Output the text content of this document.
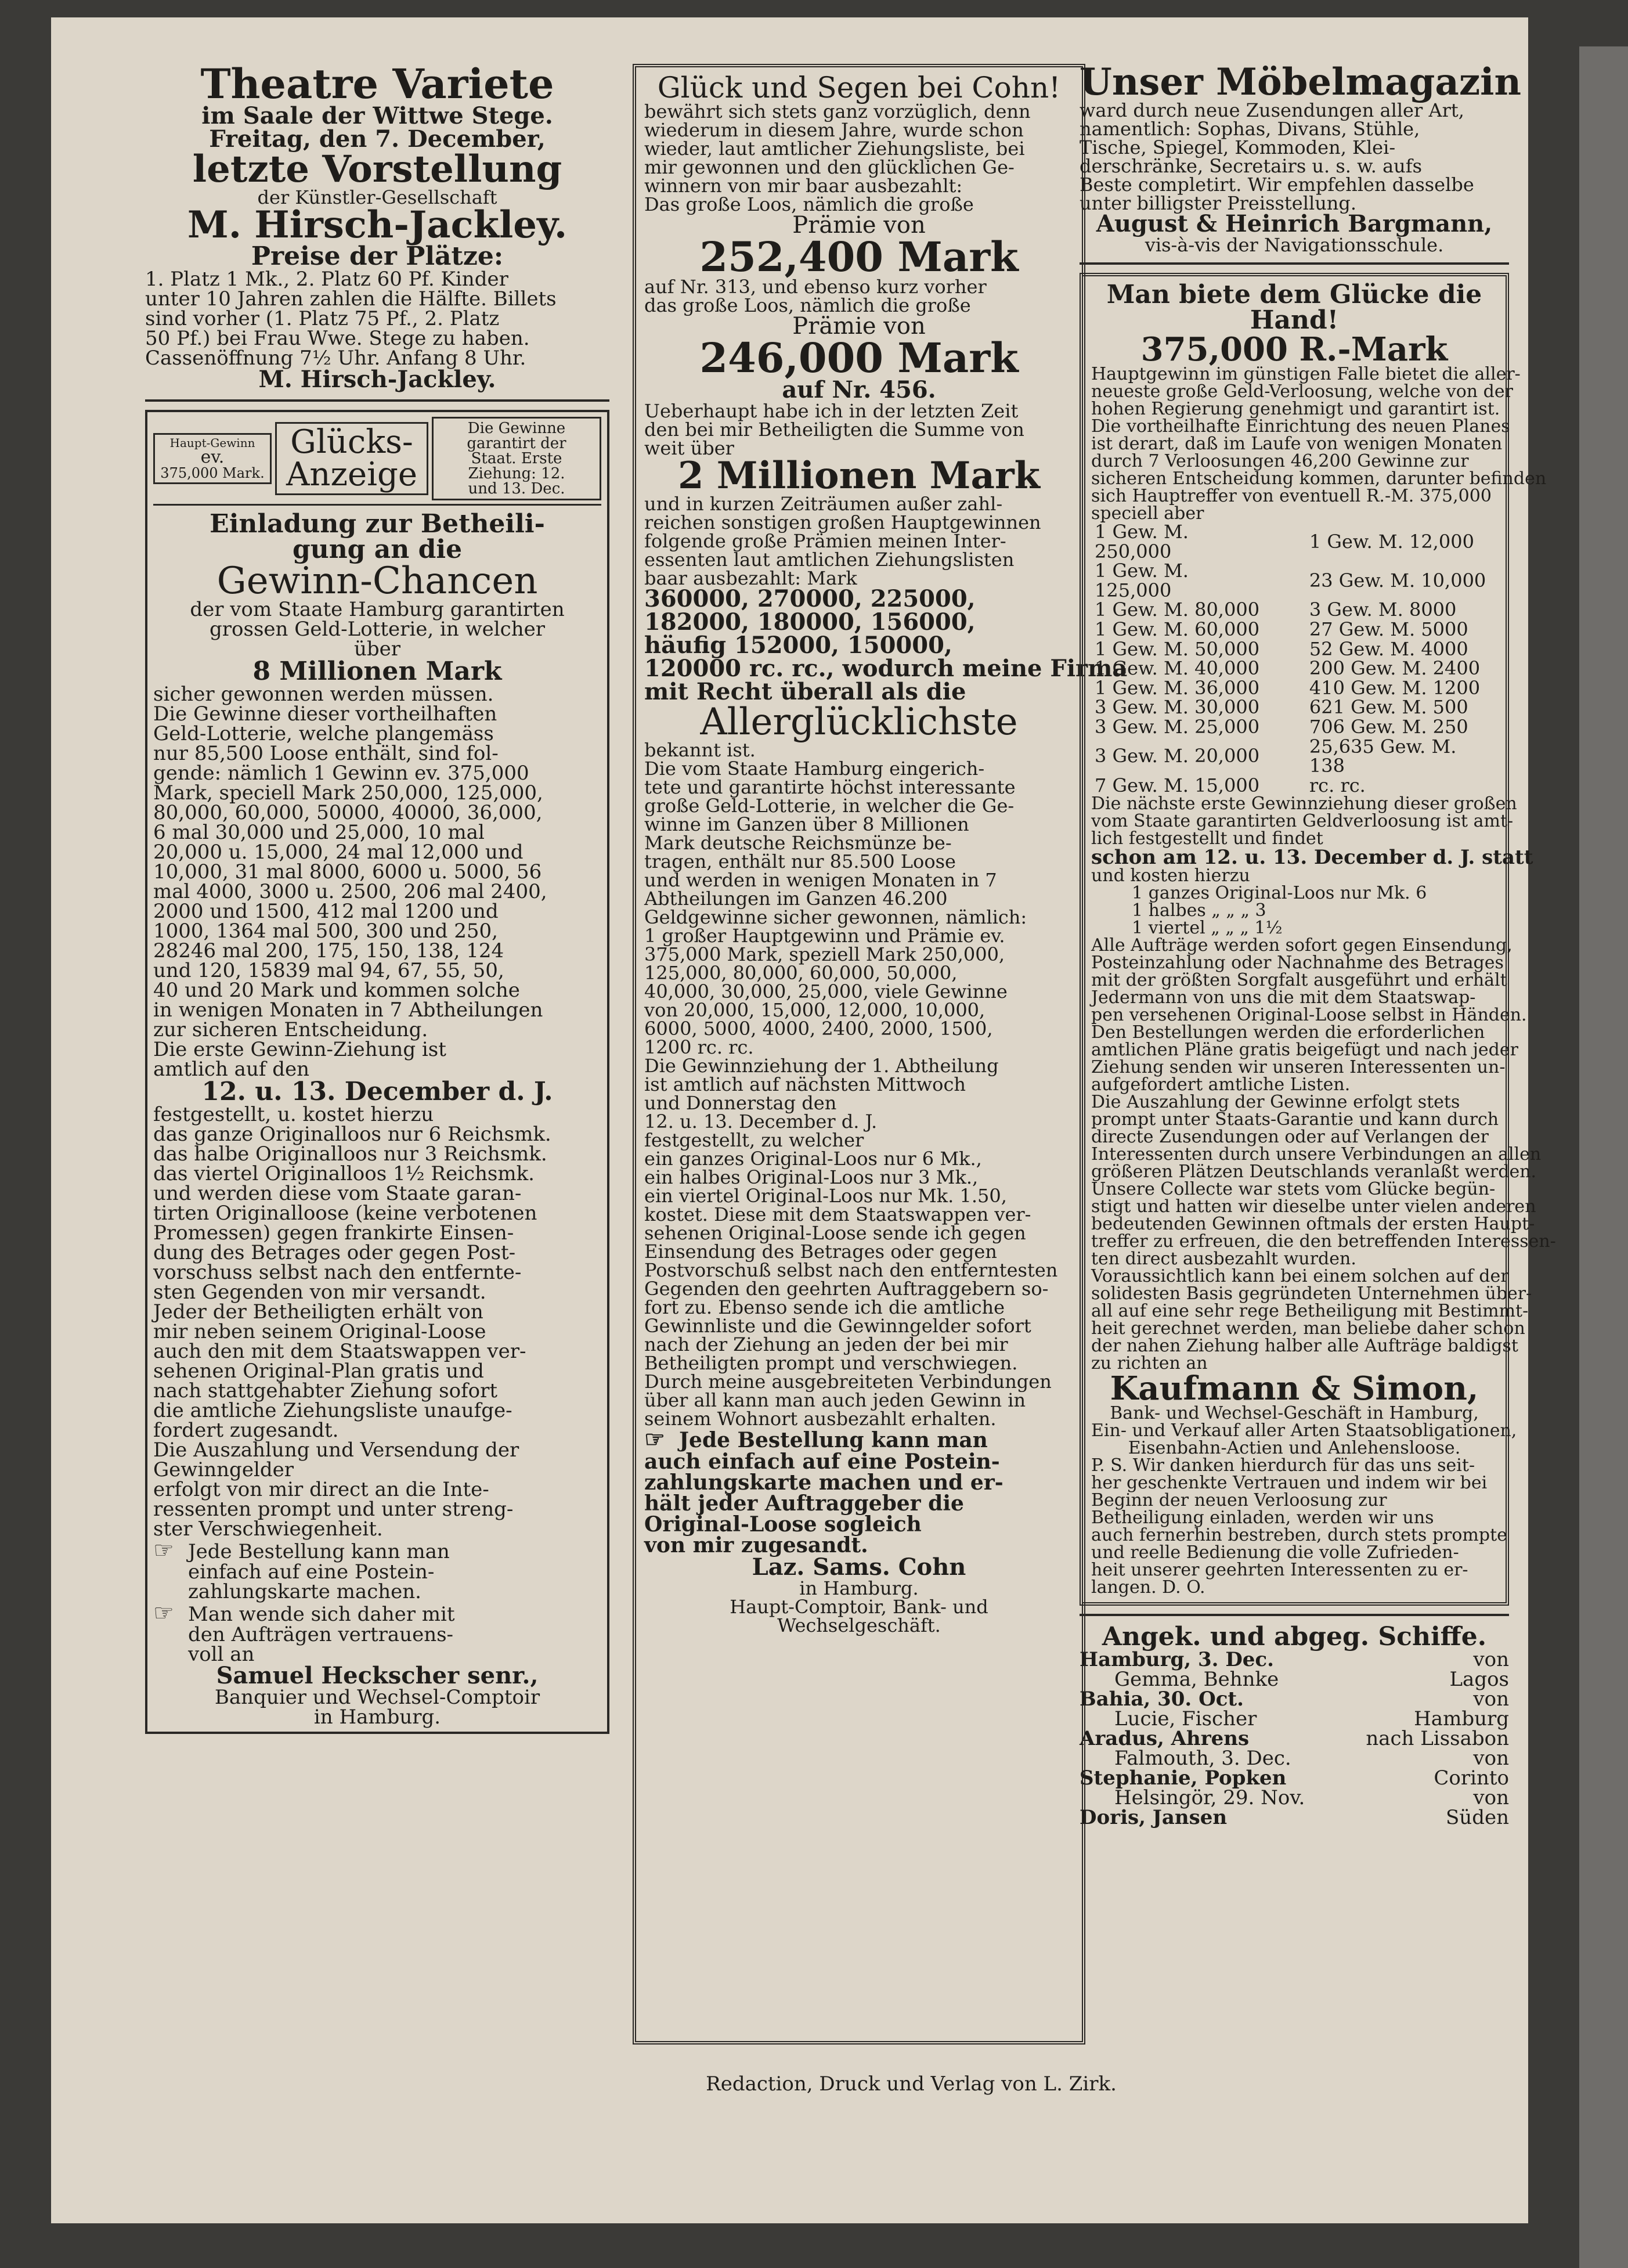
Theatre Variete

im Saale der Wittwe Stege.

Freitag, den 7. December,

letzte Vorstellung

der Künstler-Gesellschaft

M. Hirsch-Jackley.

Preise der Plätze:

1. Platz 1 Mk., 2. Platz 60 Pf. Kinder

unter 10 Jahren zahlen die Hälfte. Billets

sind vorher (1. Platz 75 Pf., 2. Platz

50 Pf.) bei Frau Wwe. Stege zu haben.

Cassenöffnung 7½ Uhr. Anfang 8 Uhr.

M. Hirsch-Jackley.

Haupt-Gewinn

ev.

375,000 Mark.

Glücks-

Anzeige

Die Gewinne

garantirt der

Staat. Erste

Ziehung: 12.

und 13. Dec.

Einladung zur Betheili-

gung an die

Gewinn-Chancen

der vom Staate Hamburg garantirten

grossen Geld-Lotterie, in welcher

über

8 Millionen Mark

sicher gewonnen werden müssen.

Die Gewinne dieser vortheilhaften

Geld-Lotterie, welche plangemäss

nur 85,500 Loose enthält, sind fol-

gende: nämlich 1 Gewinn ev. 375,000

Mark, speciell Mark 250,000, 125,000,

80,000, 60,000, 50000, 40000, 36,000,

6 mal 30,000 und 25,000, 10 mal

20,000 u. 15,000, 24 mal 12,000 und

10,000, 31 mal 8000, 6000 u. 5000, 56

mal 4000, 3000 u. 2500, 206 mal 2400,

2000 und 1500, 412 mal 1200 und

1000, 1364 mal 500, 300 und 250,

28246 mal 200, 175, 150, 138, 124

und 120, 15839 mal 94, 67, 55, 50,

40 und 20 Mark und kommen solche

in wenigen Monaten in 7 Abtheilungen

zur sicheren Entscheidung.

Die erste Gewinn-Ziehung ist

amtlich auf den

12. u. 13. December d. J.

festgestellt, u. kostet hierzu

das ganze Originalloos nur 6 Reichsmk.

das halbe Originalloos nur 3 Reichsmk.

das viertel Originalloos 1½ Reichsmk.

und werden diese vom Staate garan-

tirten Originalloose (keine verbotenen

Promessen) gegen frankirte Einsen-

dung des Betrages oder gegen Post-

vorschuss selbst nach den entfernte-

sten Gegenden von mir versandt.

Jeder der Betheiligten erhält von

mir neben seinem Original-Loose

auch den mit dem Staatswappen ver-

sehenen Original-Plan gratis und

nach stattgehabter Ziehung sofort

die amtliche Ziehungsliste unaufge-

fordert zugesandt.

Die Auszahlung und Versendung der

Gewinngelder

erfolgt von mir direct an die Inte-

ressenten prompt und unter streng-

ster Verschwiegenheit.

☞ Jede Bestellung kann man

einfach auf eine Postein-

zahlungskarte machen.

☞ Man wende sich daher mit

den Aufträgen vertrauens-

voll an

Samuel Heckscher senr.,

Banquier und Wechsel-Comptoir

in Hamburg.

Glück und Segen bei Cohn!

bewährt sich stets ganz vorzüglich, denn

wiederum in diesem Jahre, wurde schon

wieder, laut amtlicher Ziehungsliste, bei

mir gewonnen und den glücklichen Ge-

winnern von mir baar ausbezahlt:

Das große Loos, nämlich die große

Prämie von

252,400 Mark

auf Nr. 313, und ebenso kurz vorher

das große Loos, nämlich die große

Prämie von

246,000 Mark

auf Nr. 456.

Ueberhaupt habe ich in der letzten Zeit

den bei mir Betheiligten die Summe von

weit über

2 Millionen Mark

und in kurzen Zeiträumen außer zahl-

reichen sonstigen großen Hauptgewinnen

folgende große Prämien meinen Inter-

essenten laut amtlichen Ziehungslisten

baar ausbezahlt: Mark

360000, 270000, 225000,

182000, 180000, 156000,

häufig 152000, 150000,

120000 rc. rc., wodurch meine Firma

mit Recht überall als die

Allerglücklichste

bekannt ist.

Die vom Staate Hamburg eingerich-

tete und garantirte höchst interessante

große Geld-Lotterie, in welcher die Ge-

winne im Ganzen über 8 Millionen

Mark deutsche Reichsmünze be-

tragen, enthält nur 85.500 Loose

und werden in wenigen Monaten in 7

Abtheilungen im Ganzen 46.200

Geldgewinne sicher gewonnen, nämlich:

1 großer Hauptgewinn und Prämie ev.

375,000 Mark, speziell Mark 250,000,

125,000, 80,000, 60,000, 50,000,

40,000, 30,000, 25,000, viele Gewinne

von 20,000, 15,000, 12,000, 10,000,

6000, 5000, 4000, 2400, 2000, 1500,

1200 rc. rc.

Die Gewinnziehung der 1. Abtheilung

ist amtlich auf nächsten Mittwoch

und Donnerstag den

12. u. 13. December d. J.

festgestellt, zu welcher

ein ganzes Original-Loos nur 6 Mk.,

ein halbes Original-Loos nur 3 Mk.,

ein viertel Original-Loos nur Mk. 1.50,

kostet. Diese mit dem Staatswappen ver-

sehenen Original-Loose sende ich gegen

Einsendung des Betrages oder gegen

Postvorschuß selbst nach den entferntesten

Gegenden den geehrten Auftraggebern so-

fort zu. Ebenso sende ich die amtliche

Gewinnliste und die Gewinngelder sofort

nach der Ziehung an jeden der bei mir

Betheiligten prompt und verschwiegen.

Durch meine ausgebreiteten Verbindungen

über all kann man auch jeden Gewinn in

seinem Wohnort ausbezahlt erhalten.

☞ Jede Bestellung kann man

auch einfach auf eine Postein-

zahlungskarte machen und er-

hält jeder Auftraggeber die

Original-Loose sogleich

von mir zugesandt.

Laz. Sams. Cohn

in Hamburg.

Haupt-Comptoir, Bank- und

Wechselgeschäft.

Unser Möbelmagazin

ward durch neue Zusendungen aller Art,

namentlich: Sophas, Divans, Stühle,

Tische, Spiegel, Kommoden, Klei-

derschränke, Secretairs u. s. w. aufs

Beste completirt. Wir empfehlen dasselbe

unter billigster Preisstellung.

August & Heinrich Bargmann,

vis-à-vis der Navigationsschule.

Man biete dem Glücke die

Hand!

375,000 R.-Mark

Hauptgewinn im günstigen Falle bietet die aller-

neueste große Geld-Verloosung, welche von der

hohen Regierung genehmigt und garantirt ist.

Die vortheilhafte Einrichtung des neuen Planes

ist derart, daß im Laufe von wenigen Monaten

durch 7 Verloosungen 46,200 Gewinne zur

sicheren Entscheidung kommen, darunter befinden

sich Hauptreffer von eventuell R.-M. 375,000

speciell aber

1 Gew. M. 250,000	1 Gew. M. 12,000
1 Gew. M. 125,000	23 Gew. M. 10,000
1 Gew. M. 80,000	3 Gew. M. 8000
1 Gew. M. 60,000	27 Gew. M. 5000
1 Gew. M. 50,000	52 Gew. M. 4000
1 Gew. M. 40,000	200 Gew. M. 2400
1 Gew. M. 36,000	410 Gew. M. 1200
3 Gew. M. 30,000	621 Gew. M. 500
3 Gew. M. 25,000	706 Gew. M. 250
3 Gew. M. 20,000	25,635 Gew. M. 138
7 Gew. M. 15,000	rc. rc.

Die nächste erste Gewinnziehung dieser großen

vom Staate garantirten Geldverloosung ist amt-

lich festgestellt und findet

schon am 12. u. 13. December d. J. statt

und kosten hierzu

1 ganzes Original-Loos nur Mk. 6

1 halbes „ „ „ 3

1 viertel „ „ „ 1½

Alle Aufträge werden sofort gegen Einsendung,

Posteinzahlung oder Nachnahme des Betrages

mit der größten Sorgfalt ausgeführt und erhält

Jedermann von uns die mit dem Staatswap-

pen versehenen Original-Loose selbst in Händen.

Den Bestellungen werden die erforderlichen

amtlichen Pläne gratis beigefügt und nach jeder

Ziehung senden wir unseren Interessenten un-

aufgefordert amtliche Listen.

Die Auszahlung der Gewinne erfolgt stets

prompt unter Staats-Garantie und kann durch

directe Zusendungen oder auf Verlangen der

Interessenten durch unsere Verbindungen an allen

größeren Plätzen Deutschlands veranlaßt werden.

Unsere Collecte war stets vom Glücke begün-

stigt und hatten wir dieselbe unter vielen anderen

bedeutenden Gewinnen oftmals der ersten Haupt-

treffer zu erfreuen, die den betreffenden Interessen-

ten direct ausbezahlt wurden.

Voraussichtlich kann bei einem solchen auf der

solidesten Basis gegründeten Unternehmen über-

all auf eine sehr rege Betheiligung mit Bestimmt-

heit gerechnet werden, man beliebe daher schon

der nahen Ziehung halber alle Aufträge baldigst

zu richten an

Kaufmann & Simon,

Bank- und Wechsel-Geschäft in Hamburg,

Ein- und Verkauf aller Arten Staatsobligationen,

Eisenbahn-Actien und Anlehensloose.

P. S. Wir danken hierdurch für das uns seit-

her geschenkte Vertrauen und indem wir bei

Beginn der neuen Verloosung zur

Betheiligung einladen, werden wir uns

auch fernerhin bestreben, durch stets prompte

und reelle Bedienung die volle Zufrieden-

heit unserer geehrten Interessenten zu er-

langen. D. O.

Angek. und abgeg. Schiffe.

Hamburg, 3. Dec.	von
Gemma, Behnke	Lagos
Bahia, 30. Oct.	von
Lucie, Fischer	Hamburg
Aradus, Ahrens	nach Lissabon
Falmouth, 3. Dec.	von
Stephanie, Popken	Corinto
Helsingör, 29. Nov.	von
Doris, Jansen	Süden
Redaction, Druck und Verlag von L. Zirk.
